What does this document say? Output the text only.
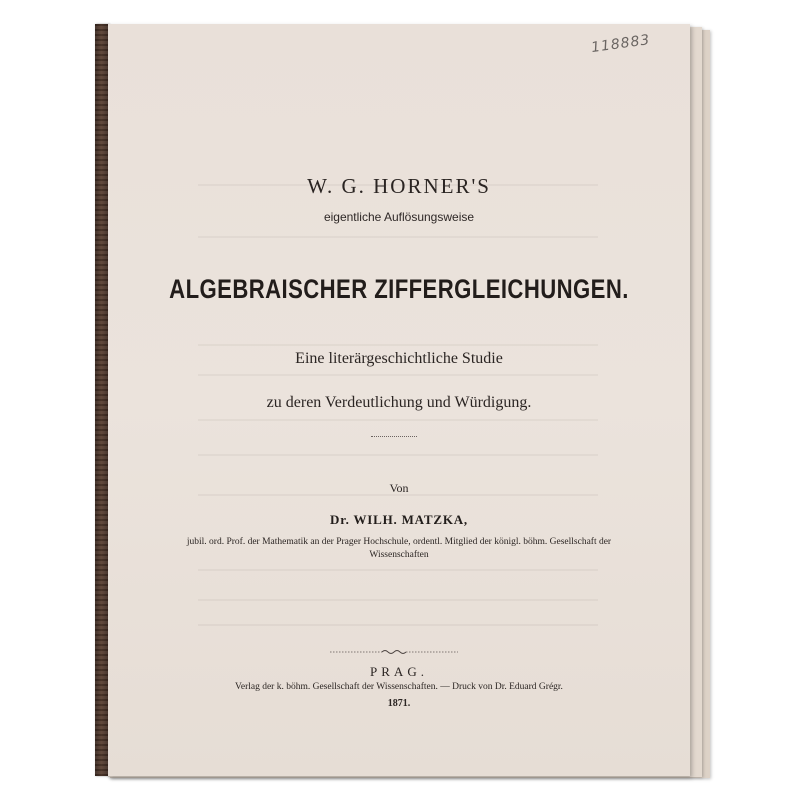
118883
W. G. HORNER'S
eigentliche Auflösungsweise
ALGEBRAISCHER ZIFFERGLEICHUNGEN.
Eine literärgeschichtliche Studie
zu deren Verdeutlichung und Würdigung.
Von
Dr. WILH. MATZKA,
jubil. ord. Prof. der Mathematik an der Prager Hochschule, ordentl. Mitglied der königl. böhm. Gesellschaft der Wissenschaften
PRAG.
Verlag der k. böhm. Gesellschaft der Wissenschaften. — Druck von Dr. Eduard Grégr.
1871.
